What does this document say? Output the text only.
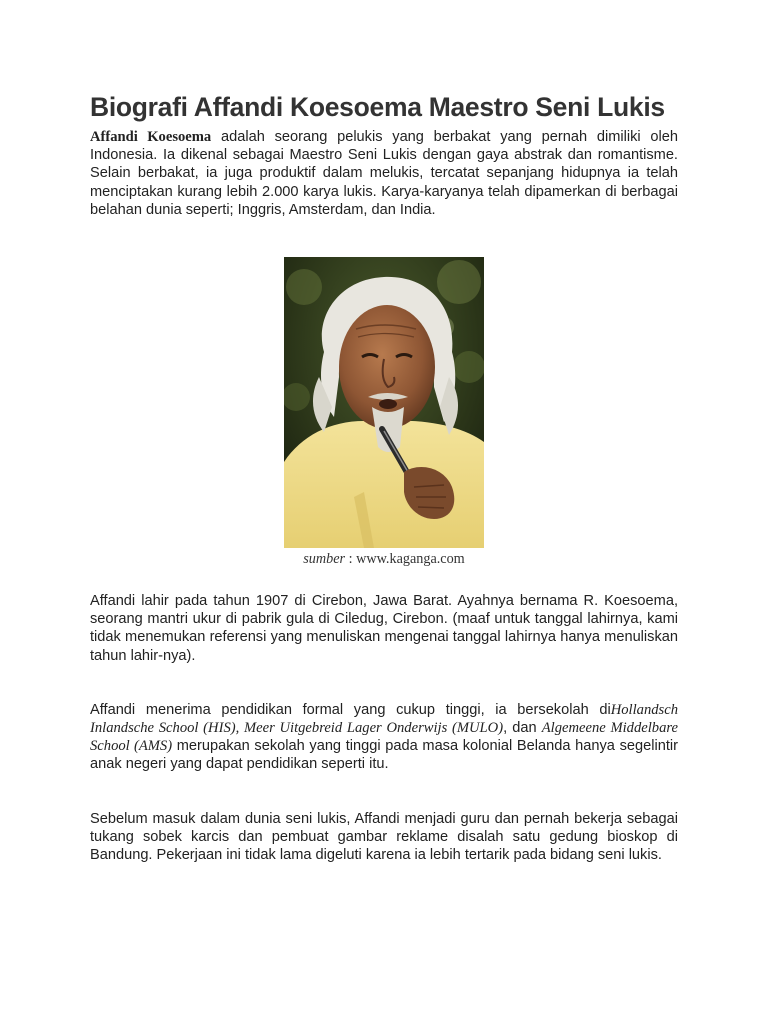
Biografi Affandi Koesoema Maestro Seni Lukis

Affandi Koesoema adalah seorang pelukis yang berbakat yang pernah dimiliki oleh Indonesia. Ia dikenal sebagai Maestro Seni Lukis dengan gaya abstrak dan romantisme. Selain berbakat, ia juga produktif dalam melukis, tercatat sepanjang hidupnya ia telah menciptakan kurang lebih 2.000 karya lukis. Karya-karyanya telah dipamerkan di berbagai belahan dunia seperti; Inggris, Amsterdam, dan India.

sumber : www.kaganga.com

Affandi lahir pada tahun 1907 di Cirebon, Jawa Barat. Ayahnya bernama R. Koesoema, seorang mantri ukur di pabrik gula di Ciledug, Cirebon. (maaf untuk tanggal lahirnya, kami tidak menemukan referensi yang menuliskan mengenai tanggal lahirnya hanya menuliskan tahun lahir-nya).

Affandi menerima pendidikan formal yang cukup tinggi, ia bersekolah diHollandsch Inlandsche School (HIS), Meer Uitgebreid Lager Onderwijs (MULO), dan Algemeene Middelbare School (AMS) merupakan sekolah yang tinggi pada masa kolonial Belanda hanya segelintir anak negeri yang dapat pendidikan seperti itu.

Sebelum masuk dalam dunia seni lukis, Affandi menjadi guru dan pernah bekerja sebagai tukang sobek karcis dan pembuat gambar reklame disalah satu gedung bioskop di Bandung. Pekerjaan ini tidak lama digeluti karena ia lebih tertarik pada bidang seni lukis.
